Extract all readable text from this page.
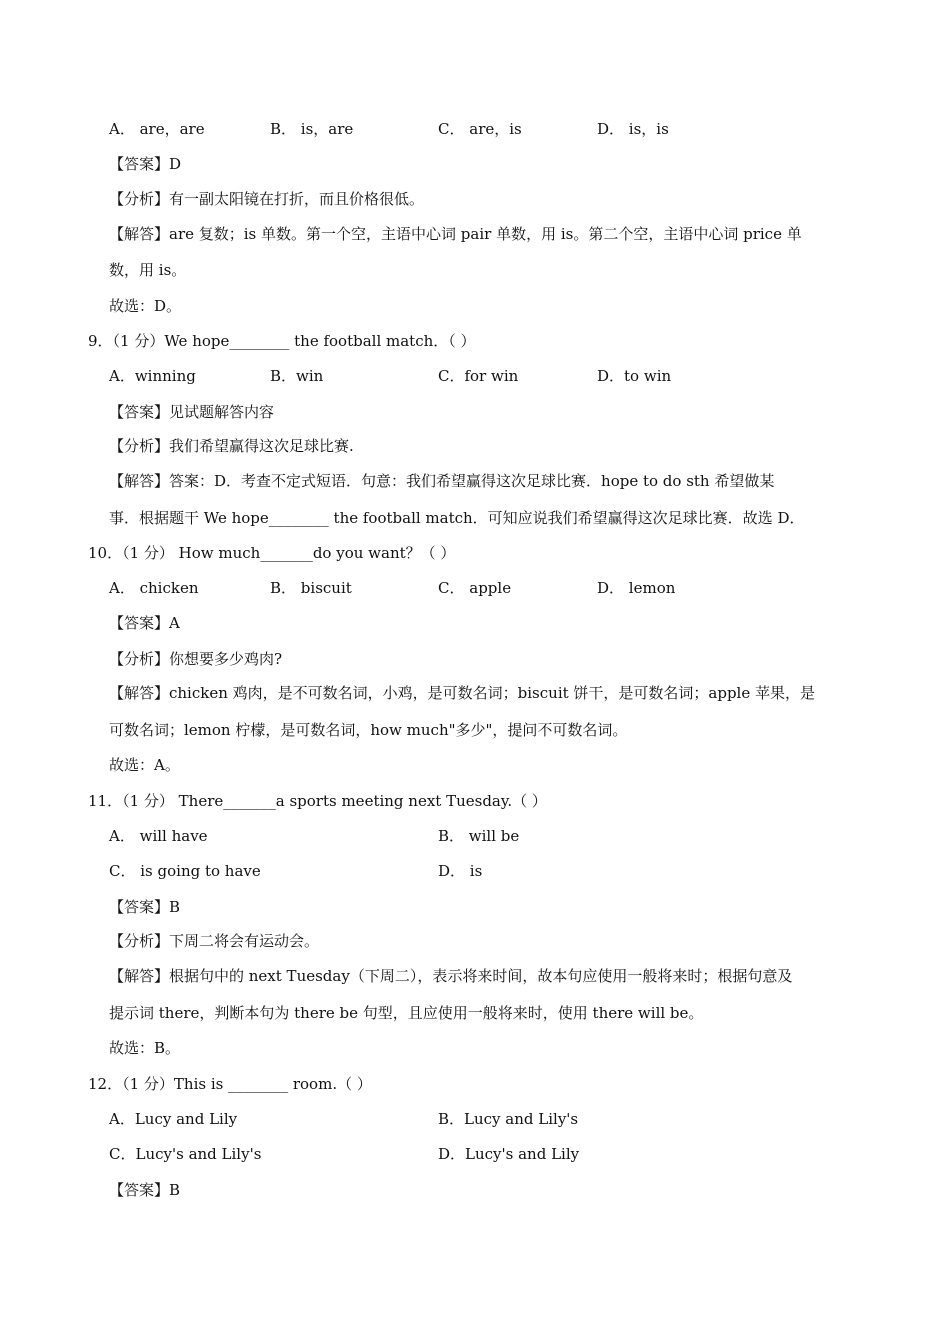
A． are，are	B． is，are	C． are，is	D． is，is
【答案】D
【分析】有一副太阳镜在打折，而且价格很低。
【解答】are 复数；is 单数。第一个空，主语中心词 pair 单数，用 is。第二个空，主语中心词 price 单
数，用 is。
故选：D。
9．（1 分）We hope________ the football match．（ ）
A．winning	B．win	C．for win	D．to win
【答案】见试题解答内容
【分析】我们希望赢得这次足球比赛.
【解答】答案：D．考查不定式短语．句意：我们希望赢得这次足球比赛．hope to do sth 希望做某
事．根据题干 We hope________ the football match．可知应说我们希望赢得这次足球比赛．故选 D．
10．（1 分） How much_______do you want？（ ）
A． chicken	B． biscuit	C． apple	D． lemon
【答案】A
【分析】你想要多少鸡肉?
【解答】chicken 鸡肉，是不可数名词，小鸡，是可数名词；biscuit 饼干，是可数名词；apple 苹果，是
可数名词；lemon 柠檬，是可数名词，how much"多少"，提问不可数名词。
故选：A。
11．（1 分） There_______a sports meeting next Tuesday.（ ）
A． will have	B． will be
C． is going to have	D． is
【答案】B
【分析】下周二将会有运动会。
【解答】根据句中的 next Tuesday（下周二），表示将来时间，故本句应使用一般将来时；根据句意及
提示词 there，判断本句为 there be 句型，且应使用一般将来时，使用 there will be。
故选：B。
12．（1 分）This is ________ room.（ ）
A．Lucy and Lily	B．Lucy and Lily's
C．Lucy's and Lily's	D．Lucy's and Lily
【答案】B
